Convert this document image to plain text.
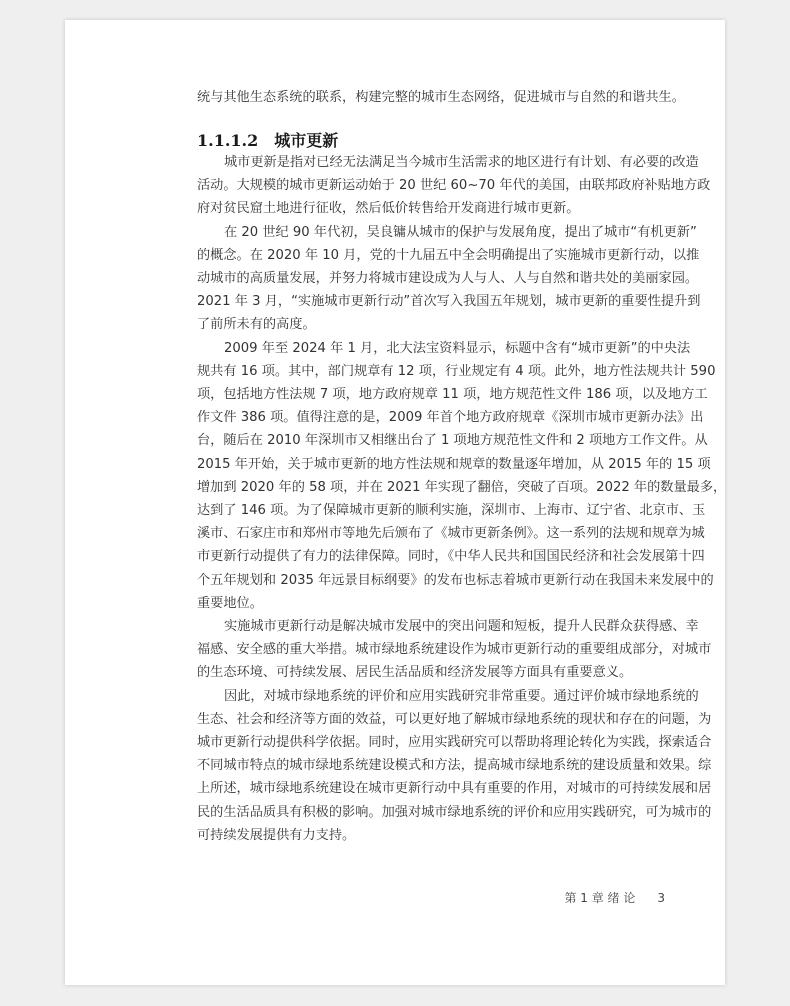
统与其他生态系统的联系，构建完整的城市生态网络，促进城市与自然的和谐共生。
1.1.1.2 城市更新
城市更新是指对已经无法满足当今城市生活需求的地区进行有计划、有必要的改造
活动。大规模的城市更新运动始于 20 世纪 60~70 年代的美国，由联邦政府补贴地方政
府对贫民窟土地进行征收，然后低价转售给开发商进行城市更新。
在 20 世纪 90 年代初，吴良镛从城市的保护与发展角度，提出了城市“有机更新”
的概念。在 2020 年 10 月，党的十九届五中全会明确提出了实施城市更新行动，以推
动城市的高质量发展，并努力将城市建设成为人与人、人与自然和谐共处的美丽家园。
2021 年 3 月，“实施城市更新行动”首次写入我国五年规划，城市更新的重要性提升到
了前所未有的高度。
2009 年至 2024 年 1 月，北大法宝资料显示，标题中含有“城市更新”的中央法
规共有 16 项。其中，部门规章有 12 项，行业规定有 4 项。此外，地方性法规共计 590
项，包括地方性法规 7 项，地方政府规章 11 项，地方规范性文件 186 项，以及地方工
作文件 386 项。值得注意的是，2009 年首个地方政府规章《深圳市城市更新办法》出
台，随后在 2010 年深圳市又相继出台了 1 项地方规范性文件和 2 项地方工作文件。从
2015 年开始，关于城市更新的地方性法规和规章的数量逐年增加，从 2015 年的 15 项
增加到 2020 年的 58 项，并在 2021 年实现了翻倍，突破了百项。2022 年的数量最多，
达到了 146 项。为了保障城市更新的顺利实施，深圳市、上海市、辽宁省、北京市、玉
溪市、石家庄市和郑州市等地先后颁布了《城市更新条例》。这一系列的法规和规章为城
市更新行动提供了有力的法律保障。同时，《中华人民共和国国民经济和社会发展第十四
个五年规划和 2035 年远景目标纲要》的发布也标志着城市更新行动在我国未来发展中的
重要地位。
实施城市更新行动是解决城市发展中的突出问题和短板，提升人民群众获得感、幸
福感、安全感的重大举措。城市绿地系统建设作为城市更新行动的重要组成部分，对城市
的生态环境、可持续发展、居民生活品质和经济发展等方面具有重要意义。
因此，对城市绿地系统的评价和应用实践研究非常重要。通过评价城市绿地系统的
生态、社会和经济等方面的效益，可以更好地了解城市绿地系统的现状和存在的问题，为
城市更新行动提供科学依据。同时，应用实践研究可以帮助将理论转化为实践，探索适合
不同城市特点的城市绿地系统建设模式和方法，提高城市绿地系统的建设质量和效果。综
上所述，城市绿地系统建设在城市更新行动中具有重要的作用，对城市的可持续发展和居
民的生活品质具有积极的影响。加强对城市绿地系统的评价和应用实践研究，可为城市的
可持续发展提供有力支持。
第 1 章 绪 论 3
